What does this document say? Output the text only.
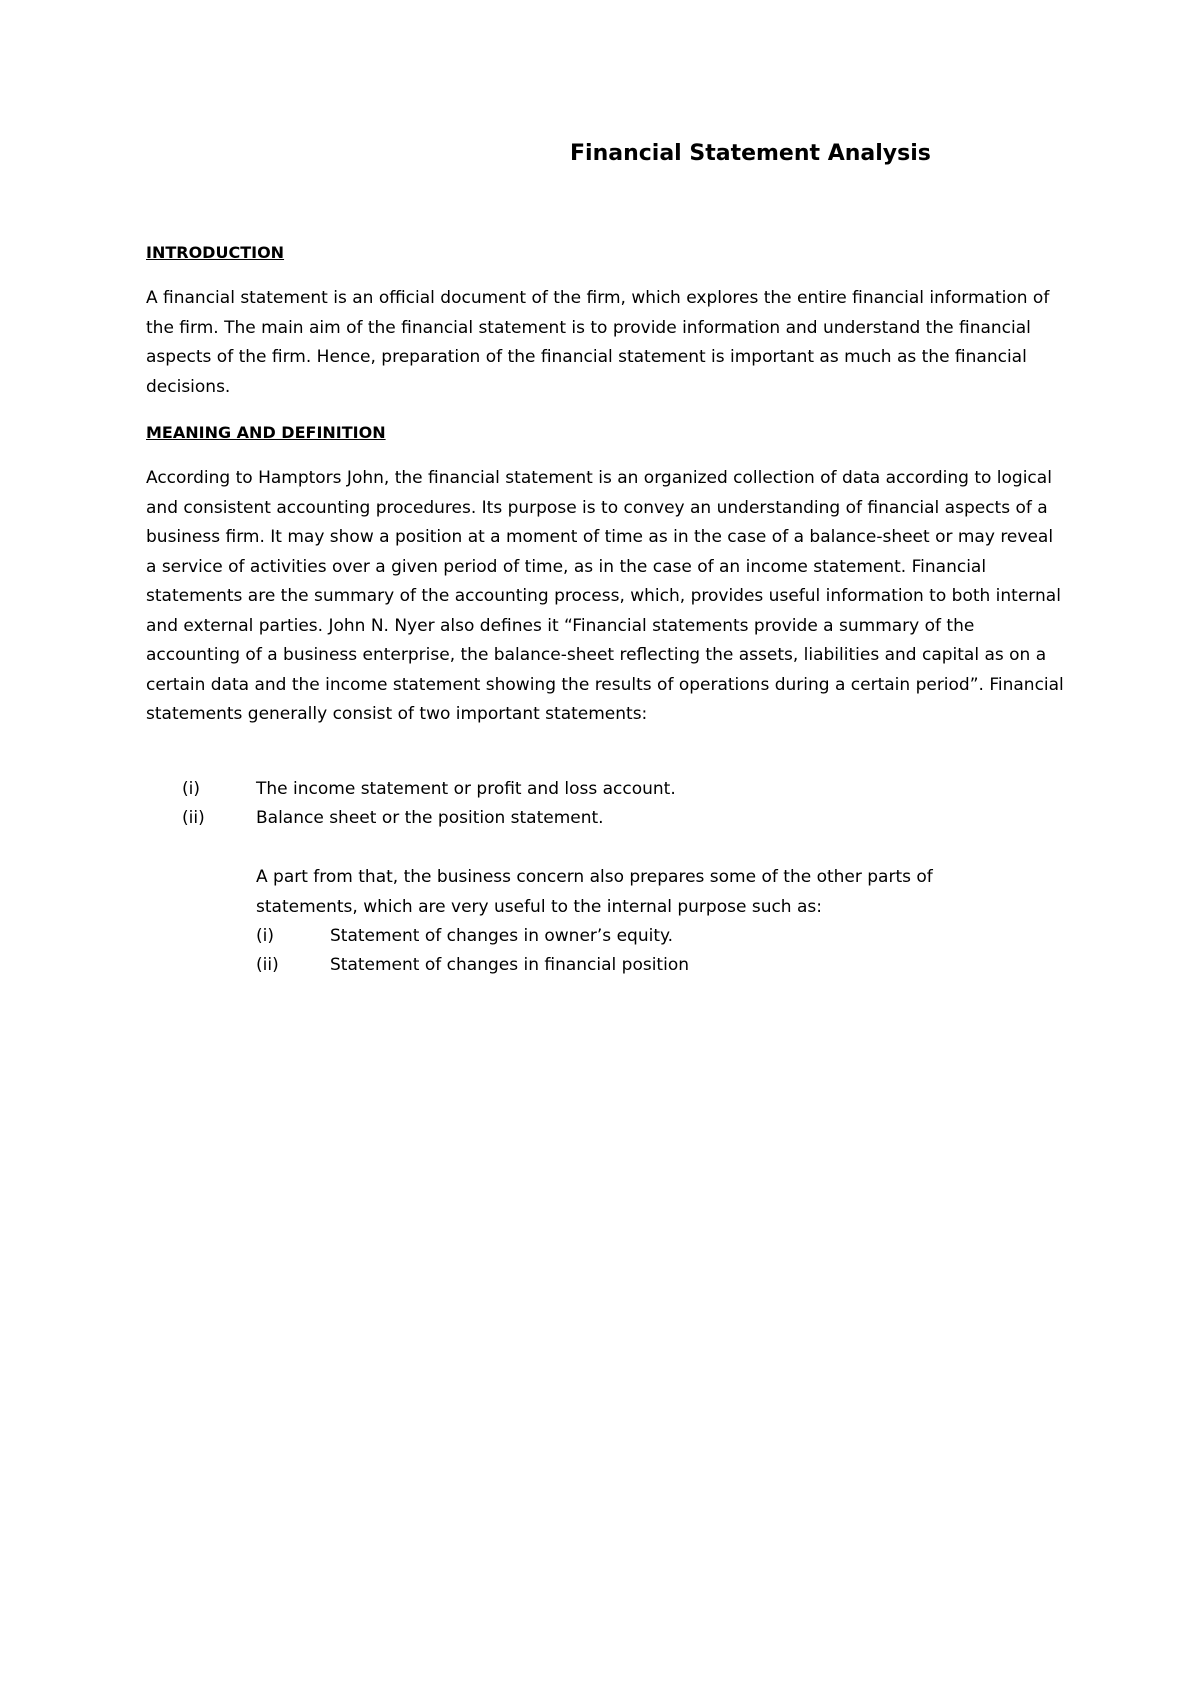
Financial Statement Analysis
INTRODUCTION

A financial statement is an official document of the firm, which explores the entire financial information of the firm. The main aim of the financial statement is to provide information and understand the financial aspects of the firm. Hence, preparation of the financial statement is important as much as the financial decisions.

MEANING AND DEFINITION

According to Hamptors John, the financial statement is an organized collection of data according to logical and consistent accounting procedures. Its purpose is to convey an understanding of financial aspects of a business firm. It may show a position at a moment of time as in the case of a balance-sheet or may reveal a service of activities over a given period of time, as in the case of an income statement. Financial statements are the summary of the accounting process, which, provides useful information to both internal and external parties. John N. Nyer also defines it “Financial statements provide a summary of the accounting of a business enterprise, the balance-sheet reflecting the assets, liabilities and capital as on a certain data and the income statement showing the results of operations during a certain period”. Financial statements generally consist of two important statements:

(i)	The income statement or profit and loss account.
(ii)	Balance sheet or the position statement.

A part from that, the business concern also prepares some of the other parts of statements, which are very useful to the internal purpose such as:

(i)	Statement of changes in owner’s equity.
(ii)	Statement of changes in financial position
